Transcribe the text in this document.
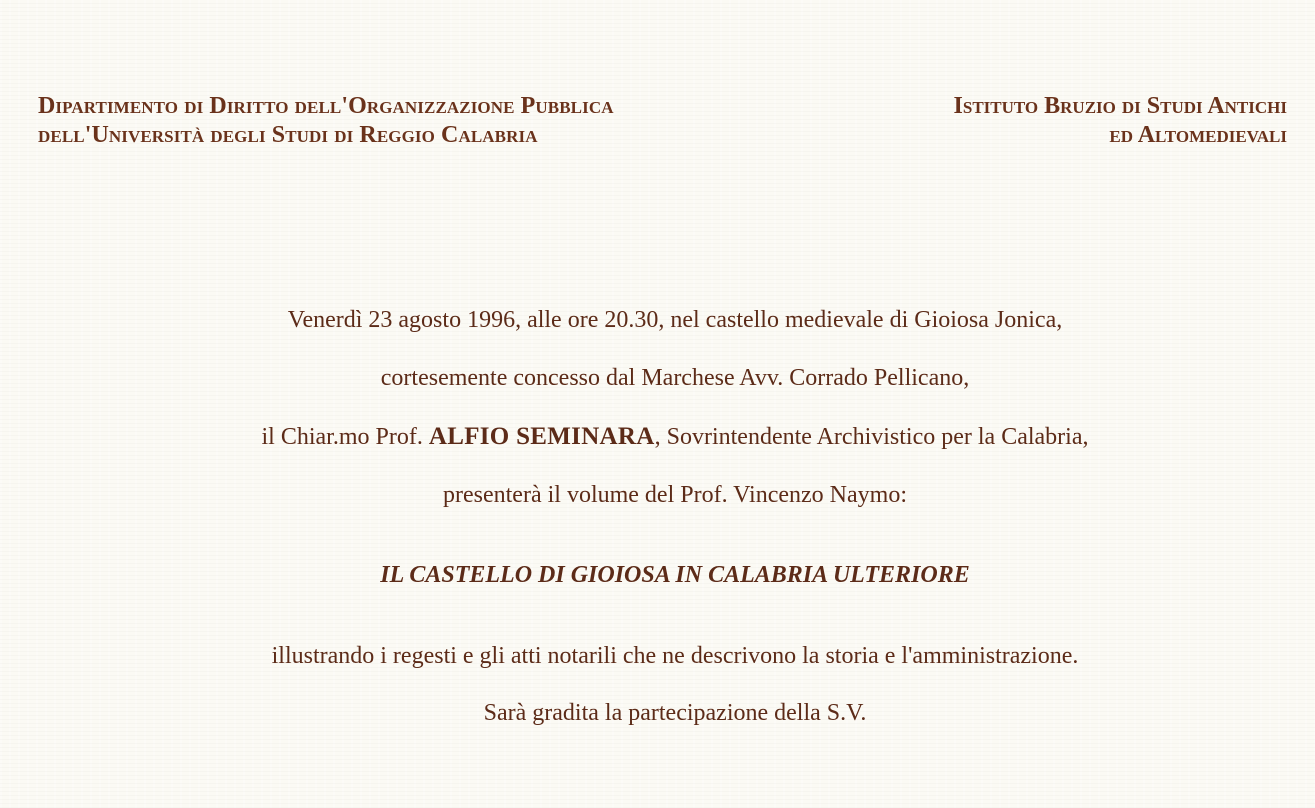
Dipartimento di Diritto dell'Organizzazione Pubblica
dell'Università degli Studi di Reggio Calabria
Istituto Bruzio di Studi Antichi
ed Altomedievali
Venerdì 23 agosto 1996, alle ore 20.30, nel castello medievale di Gioiosa Jonica,
cortesemente concesso dal Marchese Avv. Corrado Pellicano,
il Chiar.mo Prof. ALFIO SEMINARA, Sovrintendente Archivistico per la Calabria,
presenterà il volume del Prof. Vincenzo Naymo:
IL CASTELLO DI GIOIOSA IN CALABRIA ULTERIORE
illustrando i regesti e gli atti notarili che ne descrivono la storia e l'amministrazione.
Sarà gradita la partecipazione della S.V.
